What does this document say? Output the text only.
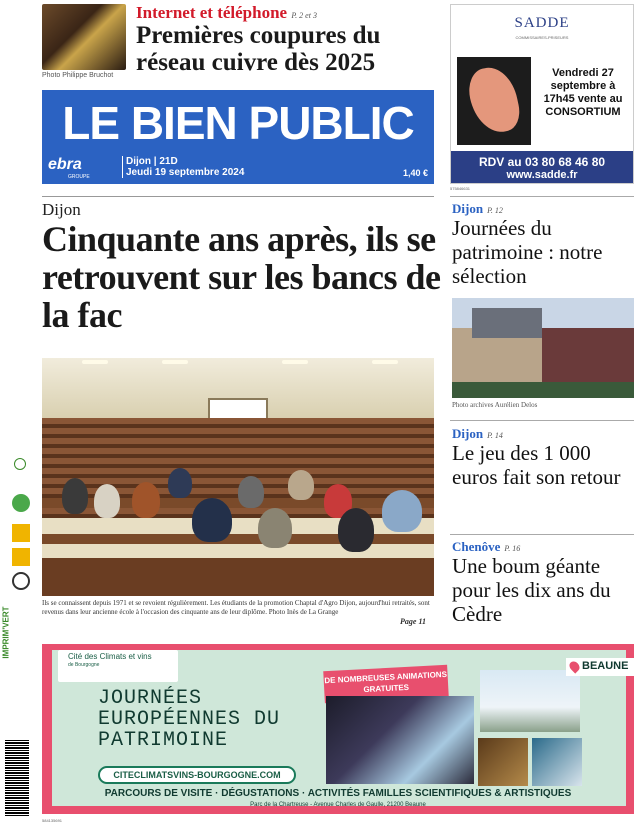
Photo Philippe Bruchot
Internet et téléphone P. 2 et 3
Premières coupures du réseau cuivre dès 2025
LE BIEN PUBLIC
ebra
GROUPE
Dijon | 21D
Jeudi 19 septembre 2024	1,40 €
SADDE
COMMISSAIRES-PRISEURS
Vendredi 27 septembre à 17h45 vente au CONSORTIUM
RDV au 03 80 68 46 80
www.sadde.fr
575846631
Dijon
Cinquante ans après, ils se retrouvent sur les bancs de la fac
Ils se connaissent depuis 1971 et se revoient régulièrement. Les étudiants de la promotion Chaptal d'Agro Dijon, aujourd'hui retraités, sont revenus dans leur ancienne école à l'occasion des cinquante ans de leur diplôme. Photo Inès de La Grange
Page 11
IMPRIM'VERT
Dijon P. 12
Journées du patrimoine : notre sélection
Photo archives Aurélien Delos
Dijon P. 14
Le jeu des 1 000 euros fait son retour
Chenôve P. 16
Une boum géante pour les dix ans du Cèdre
Cité des Climats et vins
de Bourgogne
JOURNÉES EUROPÉENNES DU PATRIMOINE
CITECLIMATSVINS-BOURGOGNE.COM
DE NOMBREUSES ANIMATIONS GRATUITES
BEAUNE
PARCOURS DE VISITE · DÉGUSTATIONS · ACTIVITÉS FAMILLES SCIENTIFIQUES & ARTISTIQUES
Parc de la Chartreuse - Avenue Charles de Gaulle, 21200 Beaune
584135691
